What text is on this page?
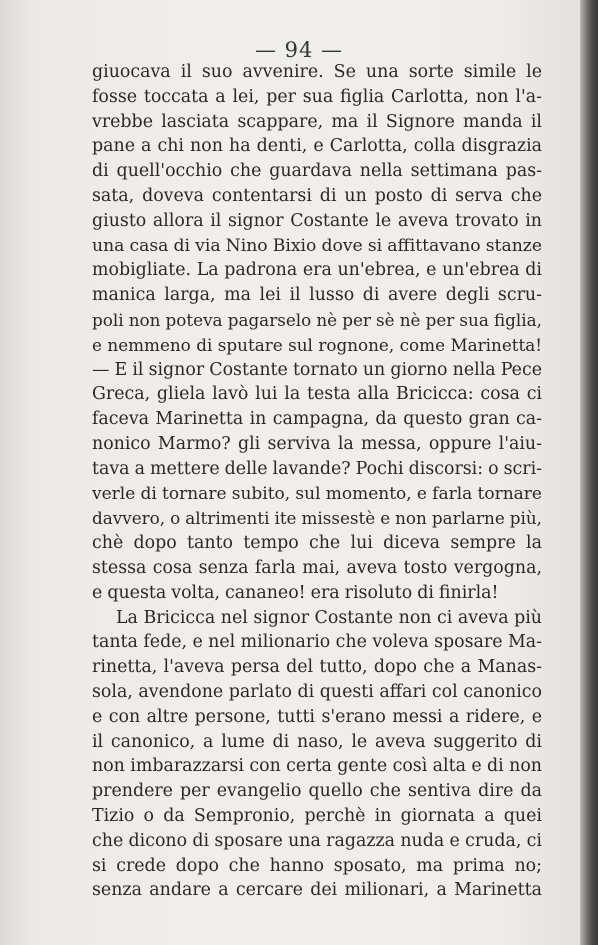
— 94 —
giuocava il suo avvenire. Se una sorte simile le
fosse toccata a lei, per sua figlia Carlotta, non l'a-
vrebbe lasciata scappare, ma il Signore manda il
pane a chi non ha denti, e Carlotta, colla disgrazia
di quell'occhio che guardava nella settimana pas-
sata, doveva contentarsi di un posto di serva che
giusto allora il signor Costante le aveva trovato in
una casa di via Nino Bixio dove si affittavano stanze
mobigliate. La padrona era un'ebrea, e un'ebrea di
manica larga, ma lei il lusso di avere degli scru-
poli non poteva pagarselo nè per sè nè per sua figlia,
e nemmeno di sputare sul rognone, come Marinetta!
— E il signor Costante tornato un giorno nella Pece
Greca, gliela lavò lui la testa alla Bricicca: cosa ci
faceva Marinetta in campagna, da questo gran ca-
nonico Marmo? gli serviva la messa, oppure l'aiu-
tava a mettere delle lavande? Pochi discorsi: o scri-
verle di tornare subito, sul momento, e farla tornare
davvero, o altrimenti ite missestè e non parlarne più,
chè dopo tanto tempo che lui diceva sempre la
stessa cosa senza farla mai, aveva tosto vergogna,
e questa volta, cananeo! era risoluto di finirla!
La Bricicca nel signor Costante non ci aveva più
tanta fede, e nel milionario che voleva sposare Ma-
rinetta, l'aveva persa del tutto, dopo che a Manas-
sola, avendone parlato di questi affari col canonico
e con altre persone, tutti s'erano messi a ridere, e
il canonico, a lume di naso, le aveva suggerito di
non imbarazzarsi con certa gente così alta e di non
prendere per evangelio quello che sentiva dire da
Tizio o da Sempronio, perchè in giornata a quei
che dicono di sposare una ragazza nuda e cruda, ci
si crede dopo che hanno sposato, ma prima no;
senza andare a cercare dei milionari, a Marinetta
